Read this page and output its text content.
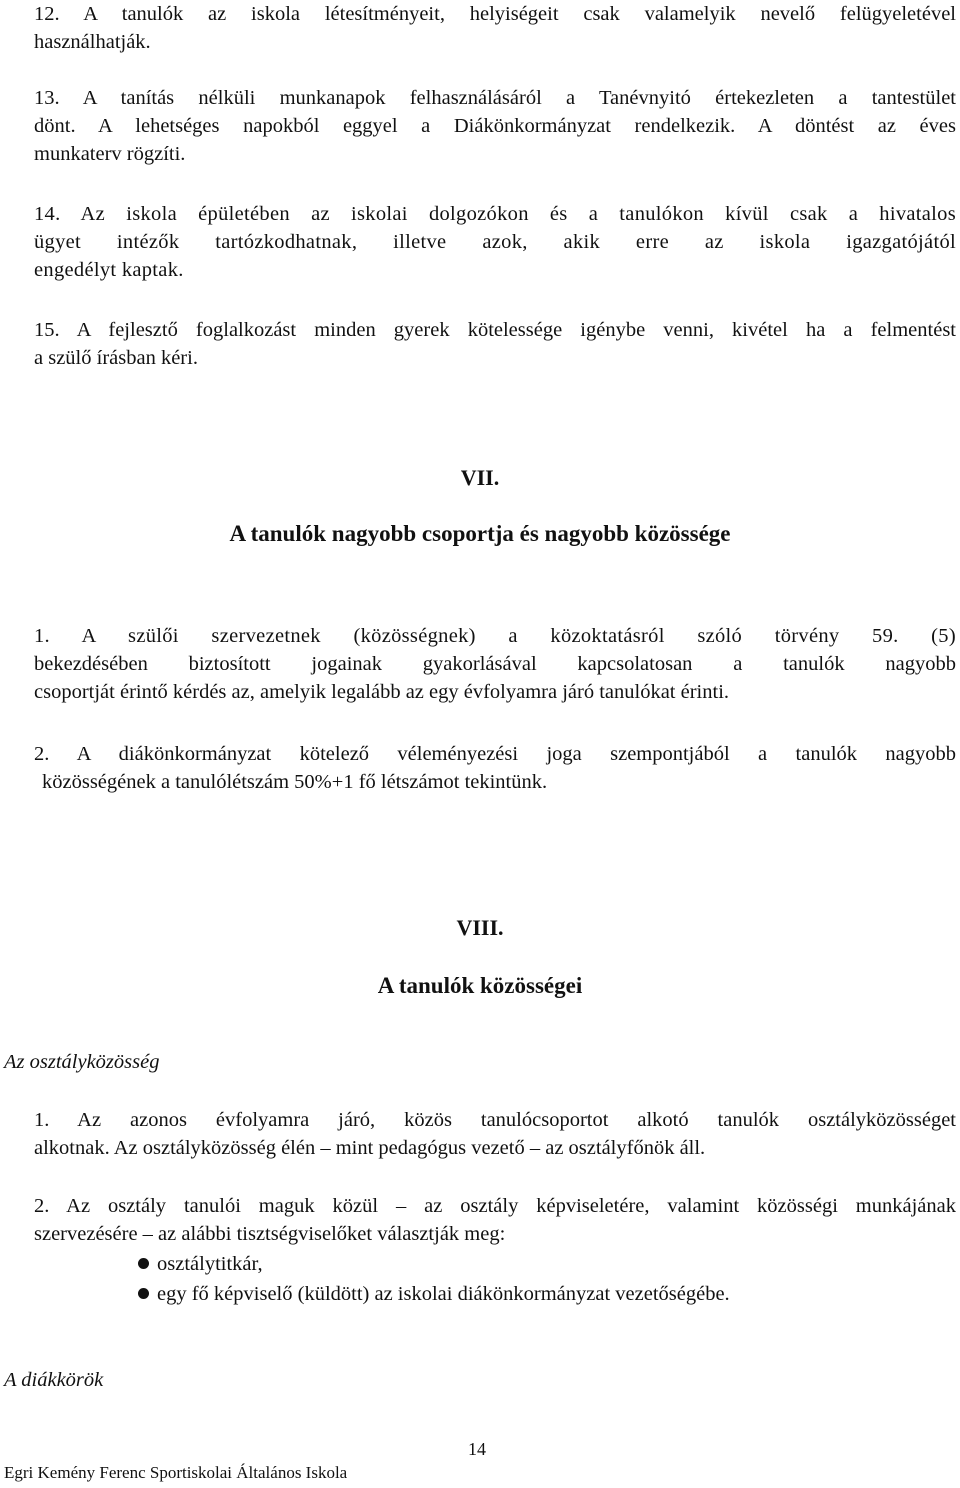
12. A tanulók az iskola létesítményeit, helyiségeit csak valamelyik nevelő felügyeletével
használhatják.
13. A tanítás nélküli munkanapok felhasználásáról a Tanévnyitó értekezleten a tantestület
dönt. A lehetséges napokból eggyel a Diákönkormányzat rendelkezik. A döntést az éves
munkaterv rögzíti.
14. Az iskola épületében az iskolai dolgozókon és a tanulókon kívül csak a hivatalos
ügyet intézők tartózkodhatnak, illetve azok, akik erre az iskola igazgatójától
engedélyt kaptak.
15. A fejlesztő foglalkozást minden gyerek kötelessége igénybe venni, kivétel ha a felmentést
a szülő írásban kéri.
VII.
A tanulók nagyobb csoportja és nagyobb közössége
1. A szülői szervezetnek (közösségnek) a közoktatásról szóló törvény 59. (5)
bekezdésében biztosított jogainak gyakorlásával kapcsolatosan a tanulók nagyobb
csoportját érintő kérdés az, amelyik legalább az egy évfolyamra járó tanulókat érinti.
2. A diákönkormányzat kötelező véleményezési joga szempontjából a tanulók nagyobb
közösségének a tanulólétszám 50%+1 fő létszámot tekintünk.
VIII.
A tanulók közösségei
Az osztályközösség
1. Az azonos évfolyamra járó, közös tanulócsoportot alkotó tanulók osztályközösséget
alkotnak. Az osztályközösség élén – mint pedagógus vezető – az osztályfőnök áll.
2. Az osztály tanulói maguk közül – az osztály képviseletére, valamint közösségi munkájának
szervezésére – az alábbi tisztségviselőket választják meg:
osztálytitkár,
egy fő képviselő (küldött) az iskolai diákönkormányzat vezetőségébe.
A diákkörök
14
Egri Kemény Ferenc Sportiskolai Általános Iskola
